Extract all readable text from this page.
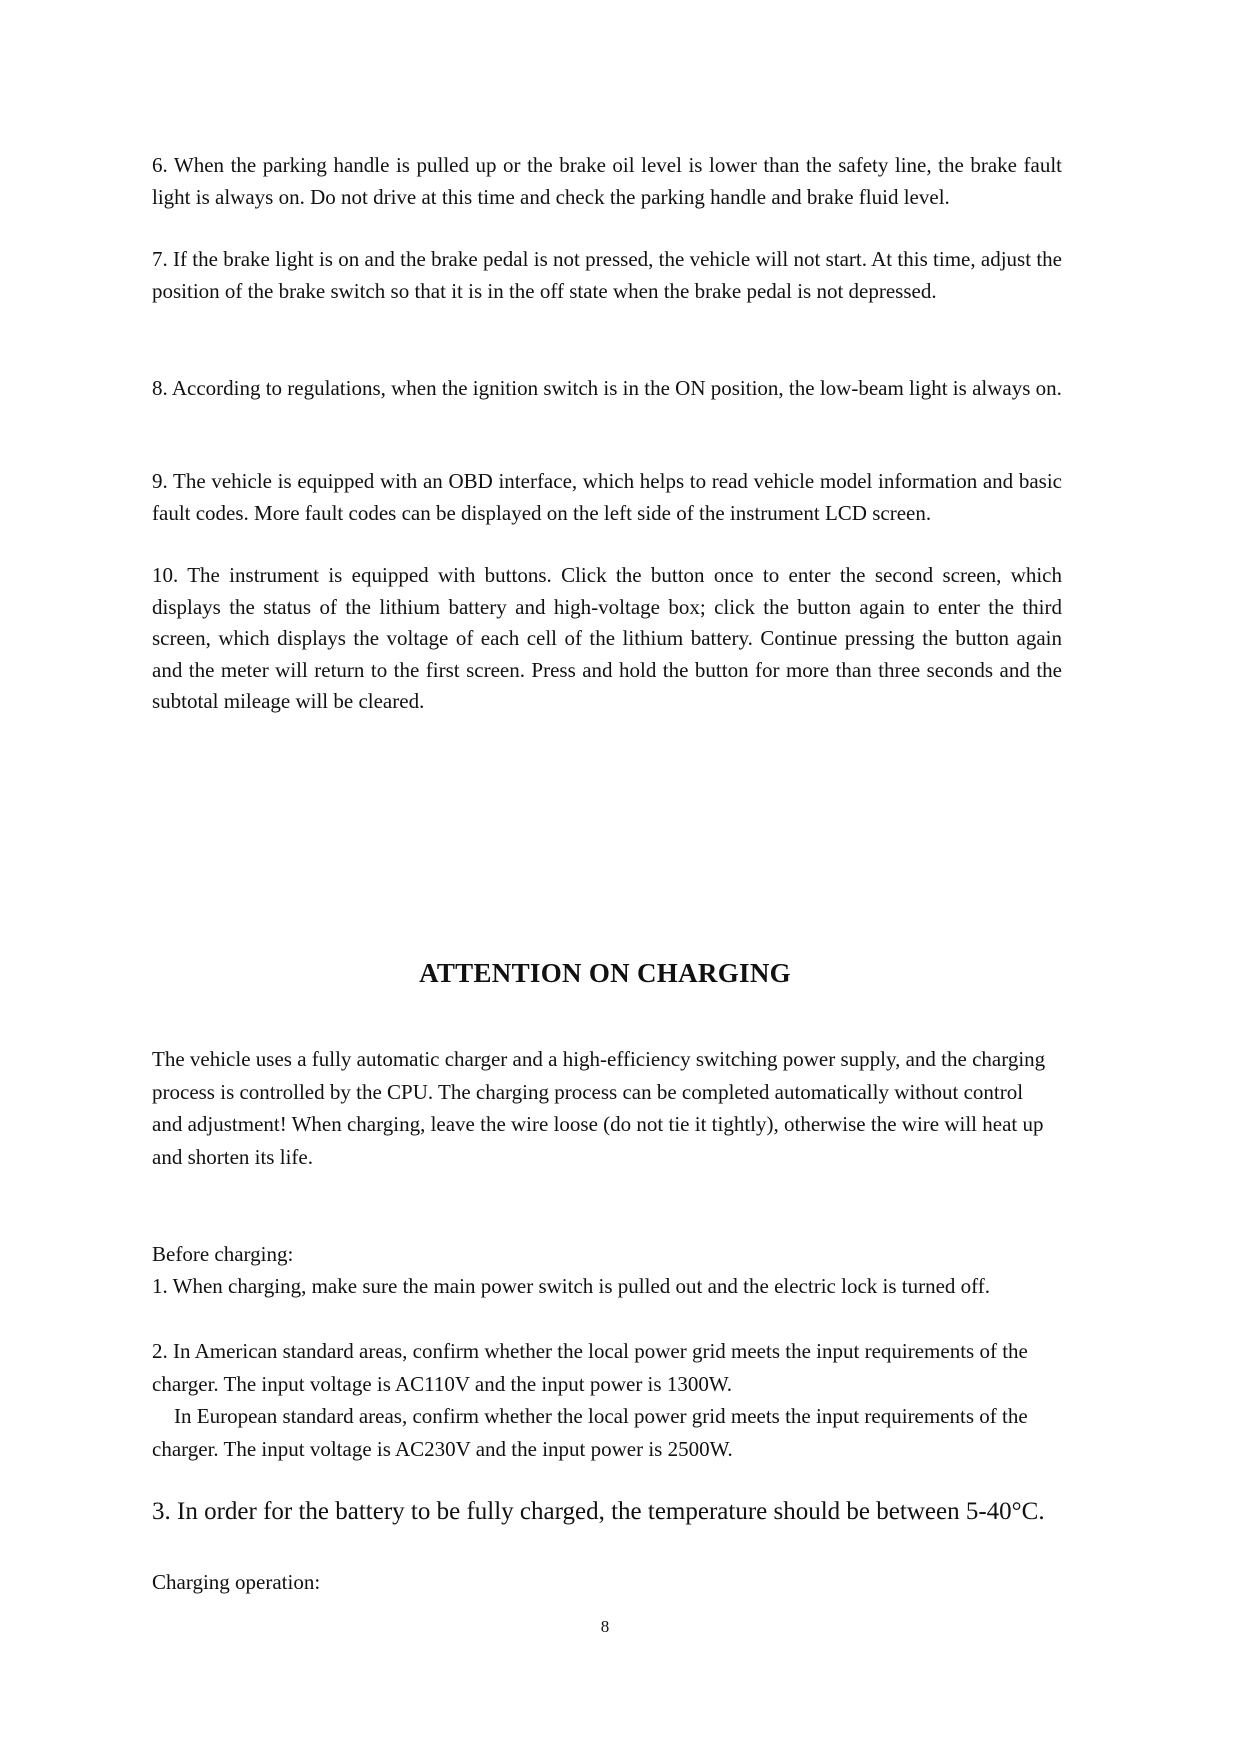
6. When the parking handle is pulled up or the brake oil level is lower than the safety line, the brake fault light is always on. Do not drive at this time and check the parking handle and brake fluid level.

7. If the brake light is on and the brake pedal is not pressed, the vehicle will not start. At this time, adjust the position of the brake switch so that it is in the off state when the brake pedal is not depressed.

8. According to regulations, when the ignition switch is in the ON position, the low-beam light is always on.

9. The vehicle is equipped with an OBD interface, which helps to read vehicle model information and basic fault codes. More fault codes can be displayed on the left side of the instrument LCD screen.

10. The instrument is equipped with buttons. Click the button once to enter the second screen, which displays the status of the lithium battery and high-voltage box; click the button again to enter the third screen, which displays the voltage of each cell of the lithium battery. Continue pressing the button again and the meter will return to the first screen. Press and hold the button for more than three seconds and the subtotal mileage will be cleared.

ATTENTION ON CHARGING

The vehicle uses a fully automatic charger and a high-efficiency switching power supply, and the charging process is controlled by the CPU. The charging process can be completed automatically without control and adjustment! When charging, leave the wire loose (do not tie it tightly), otherwise the wire will heat up and shorten its life.

Before charging:

1. When charging, make sure the main power switch is pulled out and the electric lock is turned off.

2. In American standard areas, confirm whether the local power grid meets the input requirements of the charger. The input voltage is AC110V and the input power is 1300W.

In European standard areas, confirm whether the local power grid meets the input requirements of the charger. The input voltage is AC230V and the input power is 2500W.

3. In order for the battery to be fully charged, the temperature should be between 5-40°C.

Charging operation:

8
